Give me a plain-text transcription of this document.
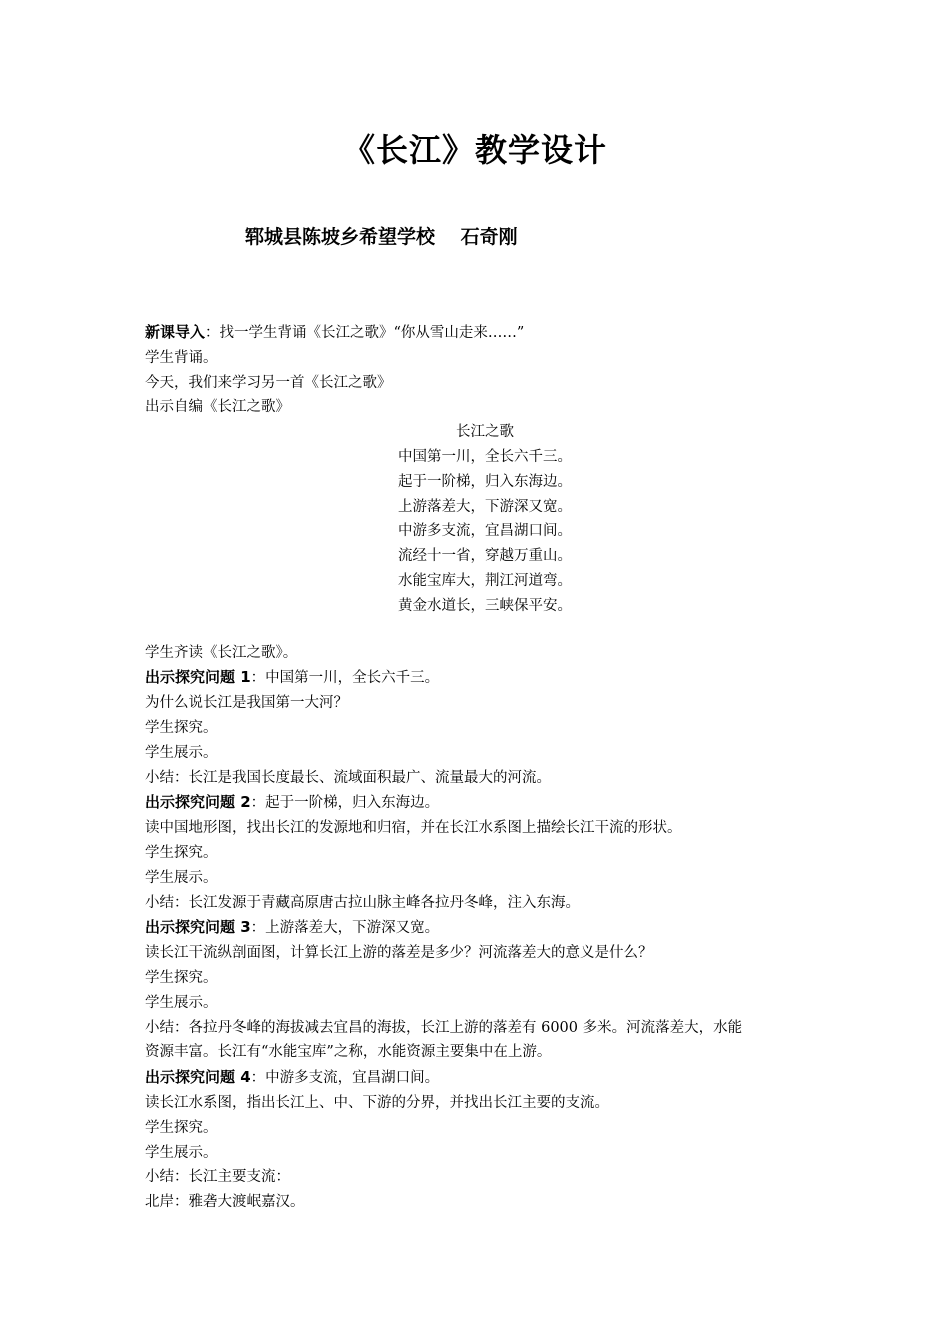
《长江》教学设计
郓城县陈坡乡希望学校　 石奇刚
新课导入：找一学生背诵《长江之歌》“你从雪山走来……”
学生背诵。
今天，我们来学习另一首《长江之歌》
出示自编《长江之歌》
长江之歌
中国第一川，全长六千三。
起于一阶梯，归入东海边。
上游落差大，下游深又宽。
中游多支流，宜昌湖口间。
流经十一省，穿越万重山。
水能宝库大，荆江河道弯。
黄金水道长，三峡保平安。
学生齐读《长江之歌》。
出示探究问题 1：中国第一川，全长六千三。
为什么说长江是我国第一大河？
学生探究。
学生展示。
小结：长江是我国长度最长、流域面积最广、流量最大的河流。
出示探究问题 2：起于一阶梯，归入东海边。
读中国地形图，找出长江的发源地和归宿，并在长江水系图上描绘长江干流的形状。
学生探究。
学生展示。
小结：长江发源于青藏高原唐古拉山脉主峰各拉丹冬峰，注入东海。
出示探究问题 3：上游落差大，下游深又宽。
读长江干流纵剖面图，计算长江上游的落差是多少？河流落差大的意义是什么？
学生探究。
学生展示。
小结：各拉丹冬峰的海拔减去宜昌的海拔，长江上游的落差有 6000 多米。河流落差大，水能
资源丰富。长江有“水能宝库”之称，水能资源主要集中在上游。
出示探究问题 4：中游多支流，宜昌湖口间。
读长江水系图，指出长江上、中、下游的分界，并找出长江主要的支流。
学生探究。
学生展示。
小结：长江主要支流：
北岸：雅砻大渡岷嘉汉。
